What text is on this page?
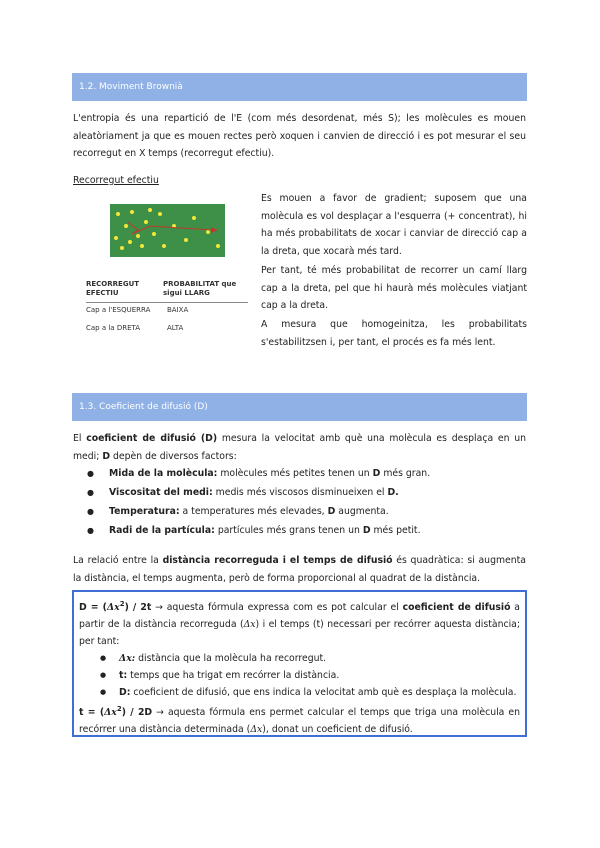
1.2. Moviment Brownià
L'entropia és una repartició de l'E (com més desordenat, més S); les molècules es mouen aleatòriament ja que es mouen rectes però xoquen i canvien de direcció i es pot mesurar el seu recorregut en X temps (recorregut efectiu).
Recorregut efectiu
RECORREGUT EFECTIU
PROBABILITAT que sigui LLARG
Cap a l'ESQUERRA BAIXA
Cap a la DRETA	ALTA
Es mouen a favor de gradient; suposem que una molècula es vol desplaçar a l'esquerra (+ concentrat), hi ha més probabilitats de xocar i canviar de direcció cap a la dreta, que xocarà més tard.
Per tant, té més probabilitat de recorrer un camí llarg cap a la dreta, pel que hi haurà més molècules viatjant cap a la dreta.
A mesura que homogeinitza, les probabilitats s'estabilitzsen i, per tant, el procés es fa més lent.
1.3. Coeficient de difusió (D)
El coeficient de difusió (D) mesura la velocitat amb què una molècula es desplaça en un medi; D depèn de diversos factors:
● Mida de la molècula: molècules més petites tenen un D més gran.
● Viscositat del medi: medis més viscosos disminueixen el D.
● Temperatura: a temperatures més elevades, D augmenta.
● Radi de la partícula: partícules més grans tenen un D més petit.
La relació entre la distància recorreguda i el temps de difusió és quadràtica: si augmenta la distància, el temps augmenta, però de forma proporcional al quadrat de la distància.
$D = (\Delta x^2) / 2t$ → aquesta fórmula expressa com es pot calcular el coeficient de difusió a partir de la distància recorreguda (Δx) i el temps (t) necessari per recórrer aquesta distància; per tant:
● Δx: distància que la molècula ha recorregut.
● t: temps que ha trigat em recórrer la distància.
● D: coeficient de difusió, que ens indica la velocitat amb què es desplaça la molècula.
$t = (\Delta x^2) / 2D$ → aquesta fórmula ens permet calcular el temps que triga una molècula en recórrer una distància determinada (Δx), donat un coeficient de difusió.
